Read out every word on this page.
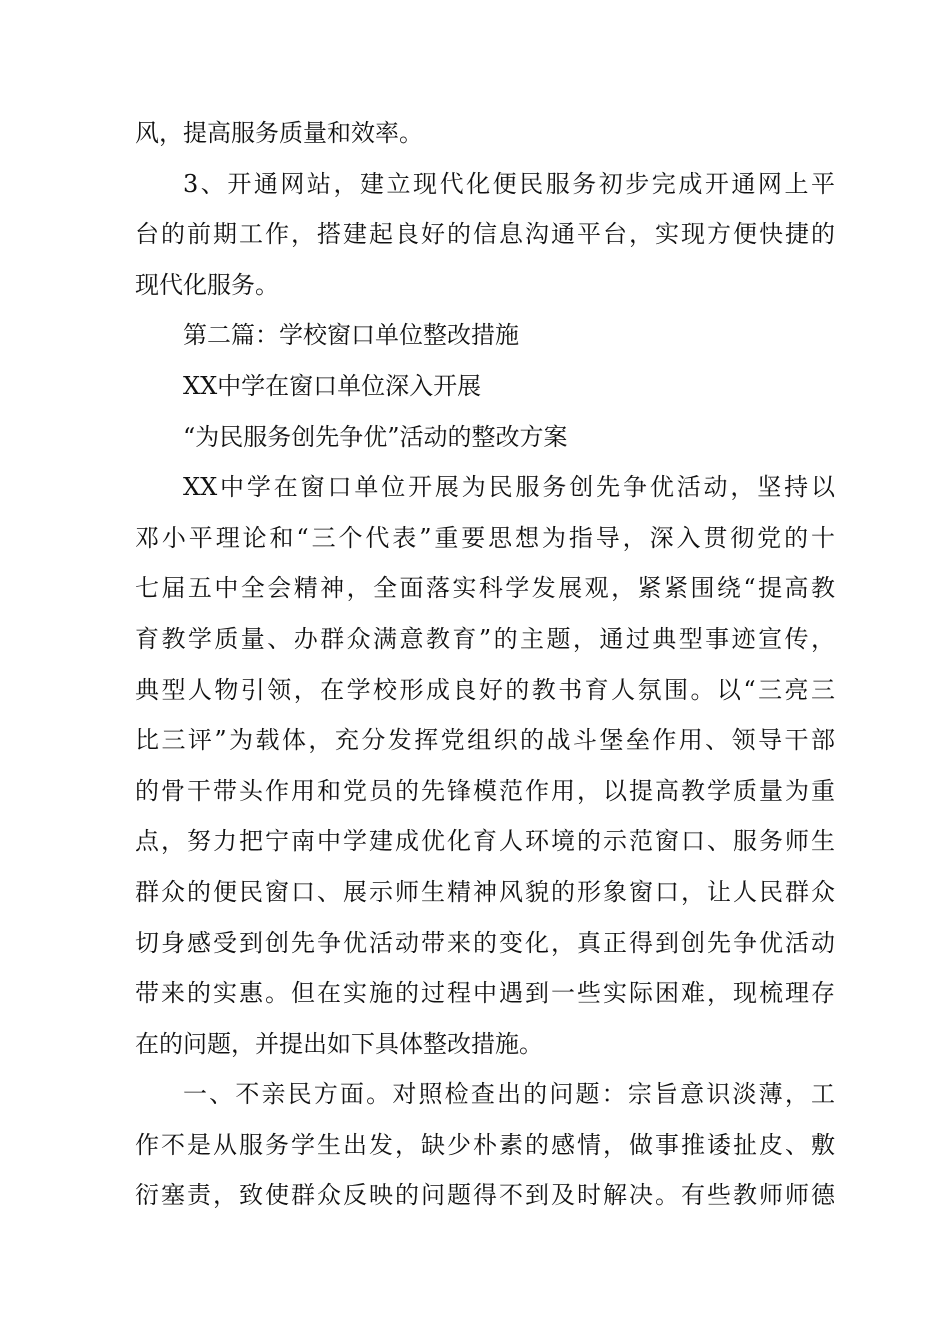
风，提高服务质量和效率。
3、开通网站，建立现代化便民服务初步完成开通网上平
台的前期工作，搭建起良好的信息沟通平台，实现方便快捷的
现代化服务。
第二篇：学校窗口单位整改措施
XX中学在窗口单位深入开展
“为民服务创先争优”活动的整改方案
XX中学在窗口单位开展为民服务创先争优活动，坚持以
邓小平理论和“三个代表”重要思想为指导，深入贯彻党的十
七届五中全会精神，全面落实科学发展观，紧紧围绕“提高教
育教学质量、办群众满意教育”的主题，通过典型事迹宣传，
典型人物引领，在学校形成良好的教书育人氛围。以“三亮三
比三评”为载体，充分发挥党组织的战斗堡垒作用、领导干部
的骨干带头作用和党员的先锋模范作用，以提高教学质量为重
点，努力把宁南中学建成优化育人环境的示范窗口、服务师生
群众的便民窗口、展示师生精神风貌的形象窗口，让人民群众
切身感受到创先争优活动带来的变化，真正得到创先争优活动
带来的实惠。但在实施的过程中遇到一些实际困难，现梳理存
在的问题，并提出如下具体整改措施。
一、不亲民方面。对照检查出的问题：宗旨意识淡薄，工
作不是从服务学生出发，缺少朴素的感情，做事推诿扯皮、敷
衍塞责，致使群众反映的问题得不到及时解决。有些教师师德
